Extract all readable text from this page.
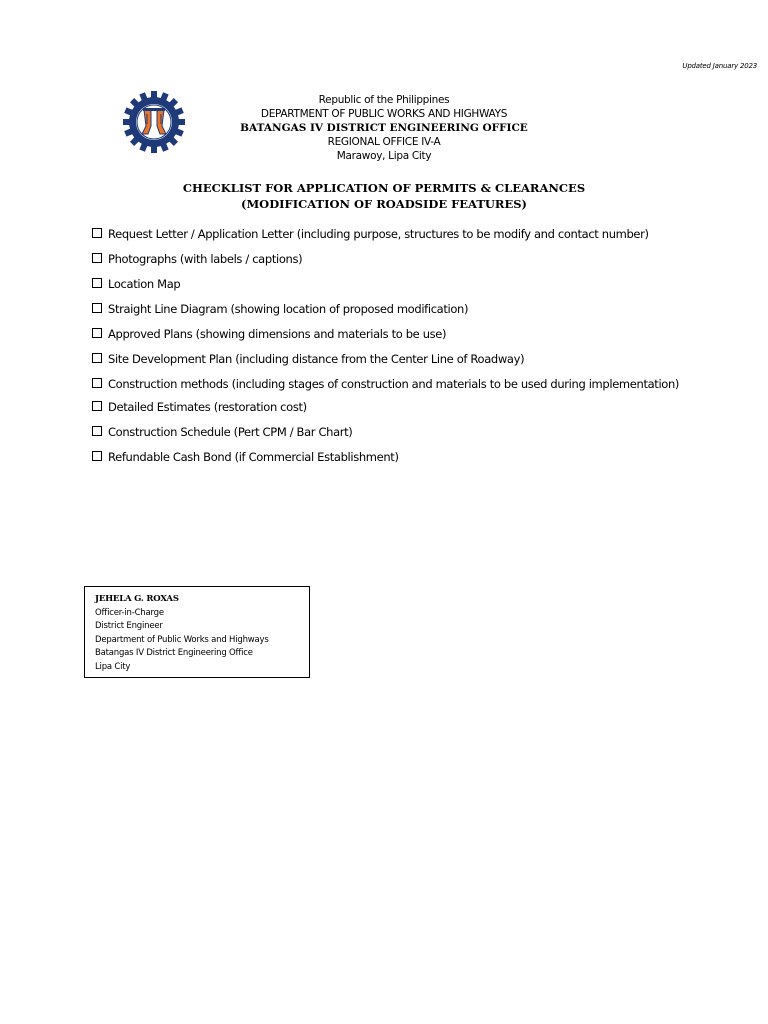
Updated January 2023
Republic of the Philippines
DEPARTMENT OF PUBLIC WORKS AND HIGHWAYS
BATANGAS IV DISTRICT ENGINEERING OFFICE
REGIONAL OFFICE IV-A
Marawoy, Lipa City
CHECKLIST FOR APPLICATION OF PERMITS & CLEARANCES
(MODIFICATION OF ROADSIDE FEATURES)
Request Letter / Application Letter (including purpose, structures to be modify and contact number)
Photographs (with labels / captions)
Location Map
Straight Line Diagram (showing location of proposed modification)
Approved Plans (showing dimensions and materials to be use)
Site Development Plan (including distance from the Center Line of Roadway)
Construction methods (including stages of construction and materials to be used during implementation)
Detailed Estimates (restoration cost)
Construction Schedule (Pert CPM / Bar Chart)
Refundable Cash Bond (if Commercial Establishment)
JEHELA G. ROXAS
Officer-in-Charge
District Engineer
Department of Public Works and Highways
Batangas IV District Engineering Office
Lipa City
